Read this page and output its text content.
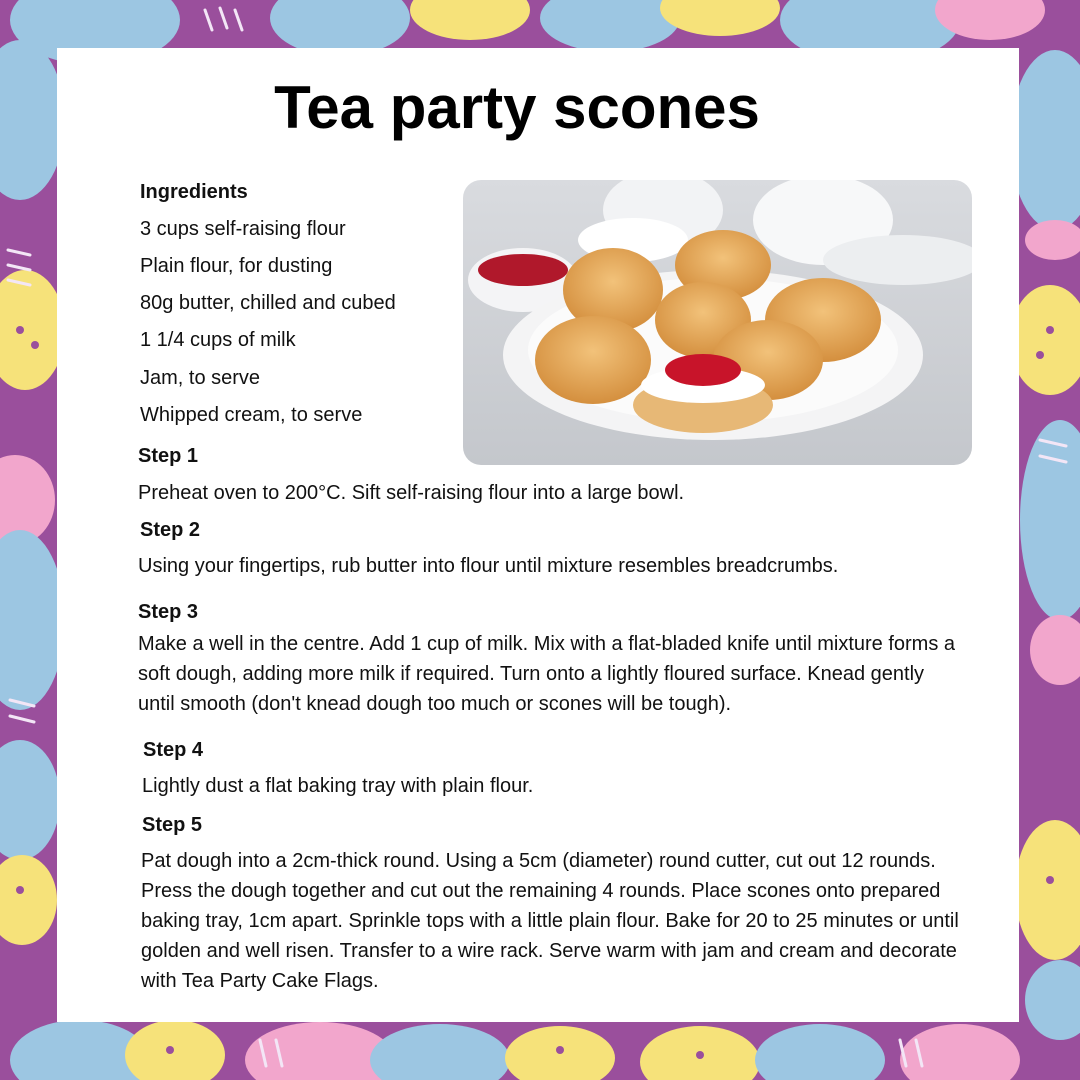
Tea party scones
Ingredients
3 cups self-raising flour
Plain flour, for dusting
80g butter, chilled and cubed
1 1/4 cups of milk
Jam, to serve
Whipped cream, to serve
Step 1
Preheat oven to 200°C. Sift self-raising flour into a large bowl.
Step 2
Using your fingertips, rub butter into flour until mixture resembles breadcrumbs.
Step 3
Make a well in the centre. Add 1 cup of milk. Mix with a flat-bladed knife until mixture forms a soft dough, adding more milk if required. Turn onto a lightly floured surface. Knead gently until smooth (don't knead dough too much or scones will be tough).
Step 4
Lightly dust a flat baking tray with plain flour.
Step 5
Pat dough into a 2cm-thick round. Using a 5cm (diameter) round cutter, cut out 12 rounds. Press the dough together and cut out the remaining 4 rounds. Place scones onto prepared baking tray, 1cm apart. Sprinkle tops with a little plain flour. Bake for 20 to 25 minutes or until golden and well risen. Transfer to a wire rack. Serve warm with jam and cream and decorate with Tea Party Cake Flags.
